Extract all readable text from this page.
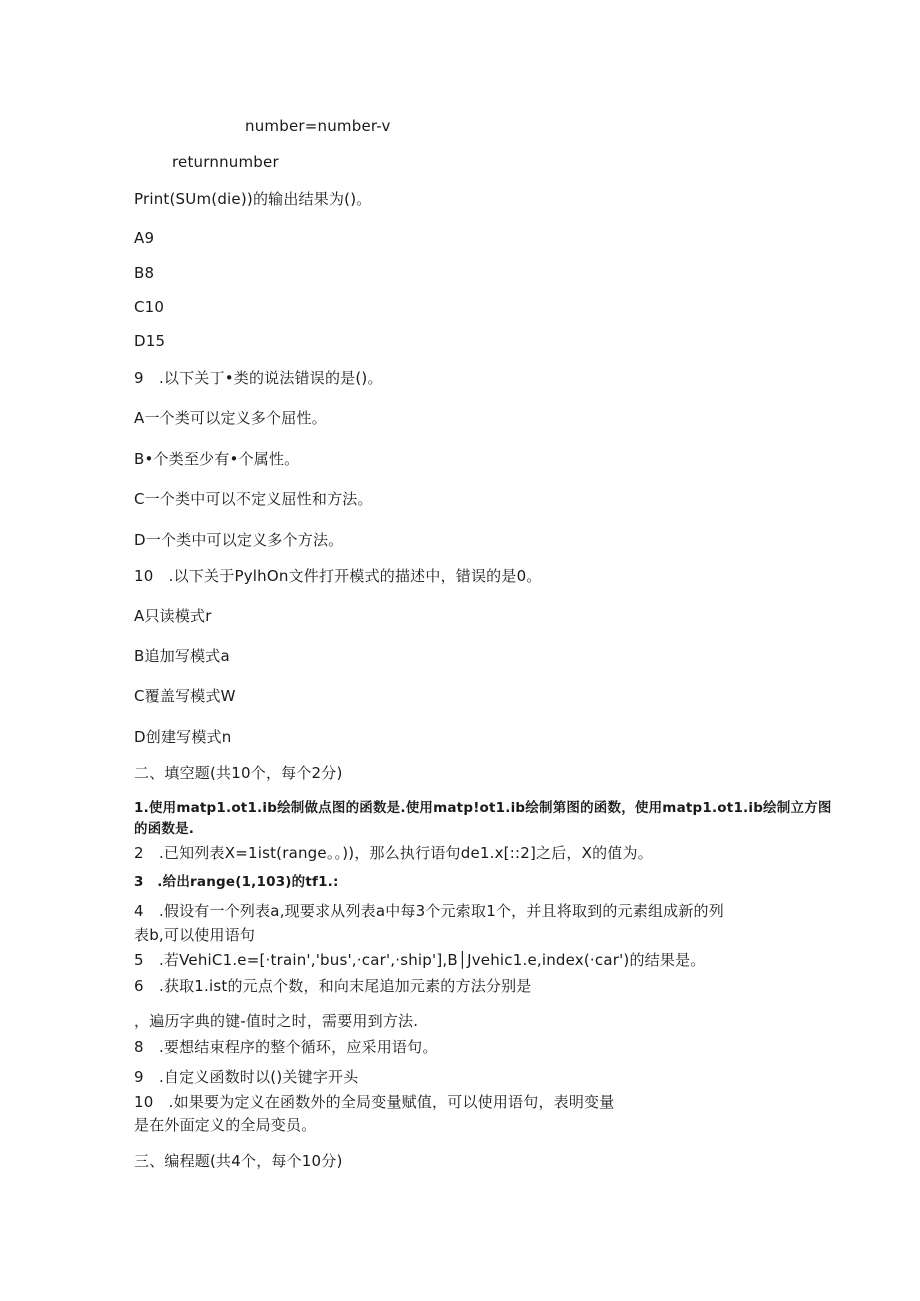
number=number-v
returnnumber
Print(SUm(die))的输出结果为()。
A9
B8
C10
D15
9　.以下关丁•类的说法错误的是()。
A一个类可以定义多个屈性。
B•个类至少有•个属性。
C一个类中可以不定义屈性和方法。
D一个类中可以定义多个方法。
10　.以下关于PylhOn文件打开模式的描述中，错误的是0。
A只读模式r
B追加写模式a
C覆盖写模式W
D创建写模式n
二、填空题(共10个，每个2分)
1.使用matp1.ot1.ib绘制做点图的函数是.使用matp!ot1.ib绘制第图的函数，使用matp1.ot1.ib绘制立方图
的函数是.
2　.已知列表X=1ist(range。。))，那么执行语句de1.x[::2]之后，X的值为。
3　.给出range(1,103)的tf1.:
4　.假设有一个列表a,现要求从列表a中每3个元索取1个，并且将取到的元素组成新的列
表b,可以使用语句
5　.若VehiC1.e=[·train','bus',·car',·ship'],B│Jvehic1.e,index(·car')的结果是。
6　.获取1.ist的元点个数，和向末尾追加元素的方法分别是
，遍历字典的键-值时之时，需要用到方法.
8　.要想结束程序的整个循环，应采用语句。
9　.自定义函数时以()关键字开头
10　.如果要为定义在函数外的全局变量赋值，可以使用语句，表明变量
是在外面定义的全局变员。
三、编程题(共4个，每个10分)
